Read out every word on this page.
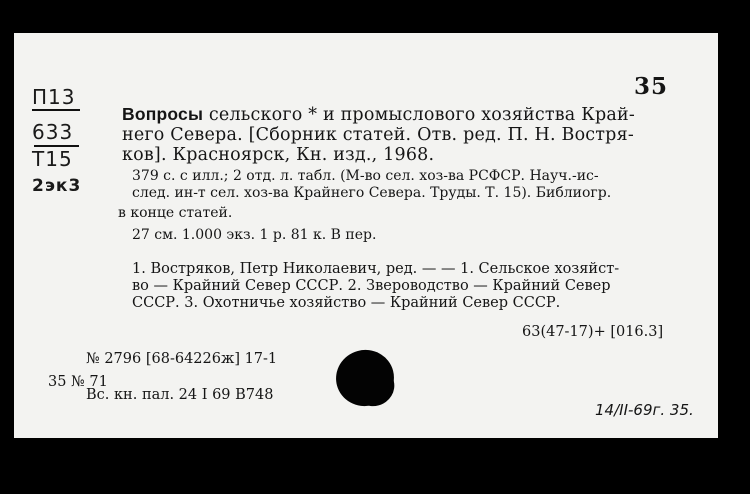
П13
633
Т15
2эк3
35
Вопросы сельского * и промыслового хозяйства Край-
него Севера. [Сборник статей. Отв. ред. П. Н. Востря-
ков]. Красноярск, Кн. изд., 1968.
379 с. с илл.; 2 отд. л. табл. (М-во сел. хоз-ва РСФСР. Науч.-ис-
след. ин-т сел. хоз-ва Крайнего Севера. Труды. Т. 15). Библиогр.
в конце статей.
27 см. 1.000 экз. 1 р. 81 к. В пер.
1. Востряков, Петр Николаевич, ред. — — 1. Сельское хозяйст-
во — Крайний Север СССР. 2. Звероводство — Крайний Север
СССР. 3. Охотничье хозяйство — Крайний Север СССР.
63(47-17)+ [016.3]
№ 2796 [68-64226ж] 17-1
35 № 71
Вс. кн. пал. 24 I 69 В748
14/II-69г. 35.
